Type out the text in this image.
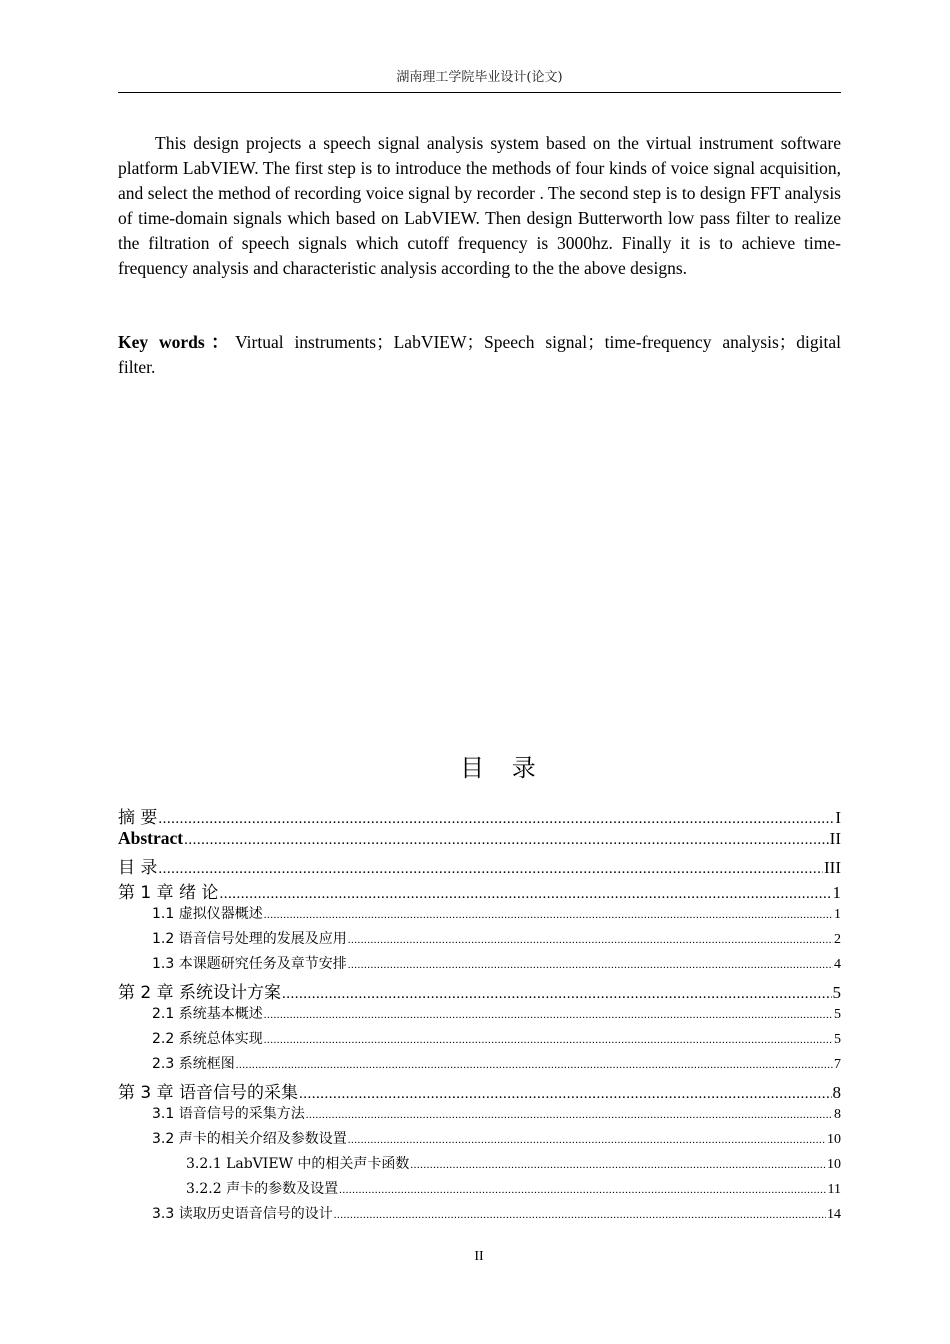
湖南理工学院毕业设计(论文)

This design projects a speech signal analysis system based on the virtual instrument software platform LabVIEW. The first step is to introduce the methods of four kinds of voice signal acquisition, and select the method of recording voice signal by recorder . The second step is to design FFT analysis of time-domain signals which based on LabVIEW. Then design Butterworth low pass filter to realize the filtration of speech signals which cutoff frequency is 3000hz. Finally it is to achieve time-frequency analysis and characteristic analysis according to the the above designs.

Key words：Virtual instruments；LabVIEW；Speech signal；time-frequency analysis；digital filter.

目 录
摘 要 .....	I
Abstract .....	II
目 录 .....	III
第 1 章 绪 论 .....	1
1.1 虚拟仪器概述 .....	1
1.2 语音信号处理的发展及应用 .....	2
1.3 本课题研究任务及章节安排 .....	4
第 2 章 系统设计方案 .....	5
2.1 系统基本概述 .....	5
2.2 系统总体实现 .....	5
2.3 系统框图 .....	7
第 3 章 语音信号的采集 .....	8
3.1 语音信号的采集方法 .....	8
3.2 声卡的相关介绍及参数设置 .....	10
3.2.1 LabVIEW 中的相关声卡函数 .....	10
3.2.2 声卡的参数及设置 .....	11
3.3 读取历史语音信号的设计 .....	14
II
